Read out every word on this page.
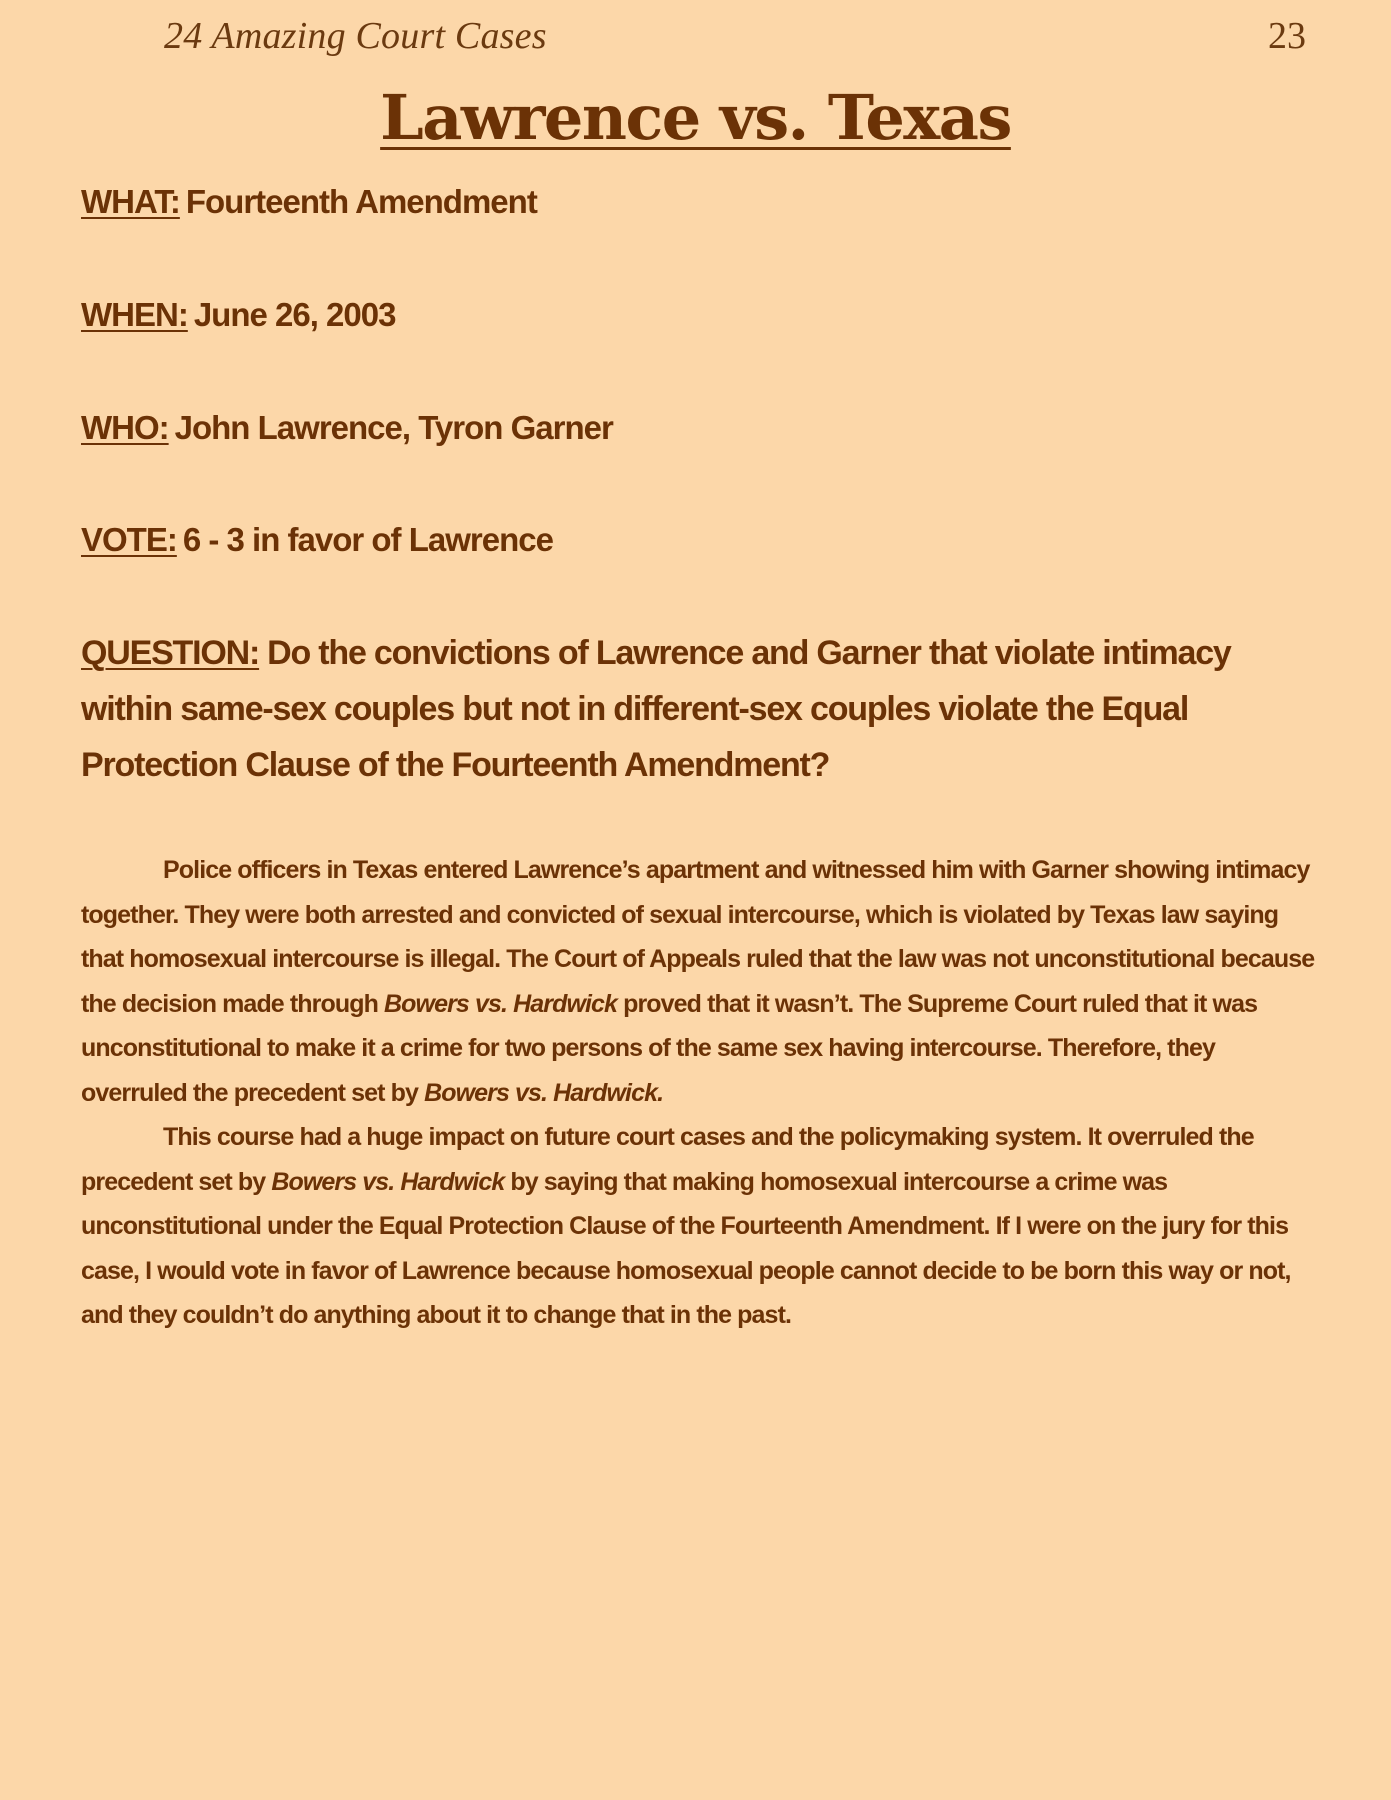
24 Amazing Court Cases	23
Lawrence vs. Texas

WHAT: Fourteenth Amendment

WHEN: June 26, 2003

WHO: John Lawrence, Tyron Garner

VOTE: 6 - 3 in favor of Lawrence

QUESTION: Do the convictions of Lawrence and Garner that violate intimacy within same-sex couples but not in different-sex couples violate the Equal Protection Clause of the Fourteenth Amendment?

Police officers in Texas entered Lawrence’s apartment and witnessed him with Garner showing intimacy together. They were both arrested and convicted of sexual intercourse, which is violated by Texas law saying that homosexual intercourse is illegal. The Court of Appeals ruled that the law was not unconstitutional because the decision made through Bowers vs. Hardwick proved that it wasn’t. The Supreme Court ruled that it was unconstitutional to make it a crime for two persons of the same sex having intercourse. Therefore, they overruled the precedent set by Bowers vs. Hardwick.

This course had a huge impact on future court cases and the policymaking system. It overruled the precedent set by Bowers vs. Hardwick by saying that making homosexual intercourse a crime was unconstitutional under the Equal Protection Clause of the Fourteenth Amendment. If I were on the jury for this case, I would vote in favor of Lawrence because homosexual people cannot decide to be born this way or not, and they couldn’t do anything about it to change that in the past.
